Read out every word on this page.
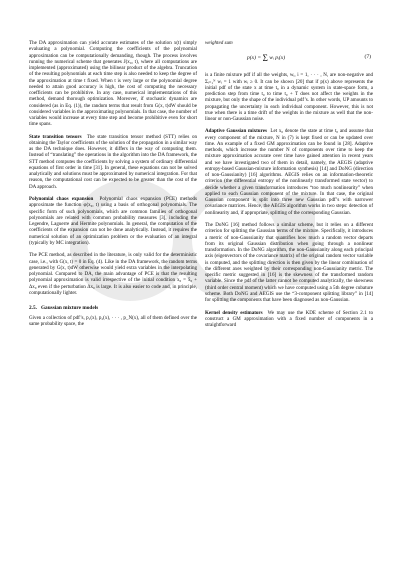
The DA approximation can yield accurate estimates of the solution x(t) simply evaluating a polynomial. Computing the coefficients of the polynomial approximation can be computationally demanding, though. The process involves running the numerical scheme that generates J(x₀, t), where all computations are implemented (approximated) using the bilinear product of the algebra. Truncation of the resulting polynomials at each time step is also needed to keep the degree of the approximation at time t fixed. When t is very large or the polynomial degree needed to attain good accuracy is high, the cost of computing the necessary coefficients can be prohibitive. In any case, numerical implementations of this method, demand thorough optimization. Moreover, if stochastic dynamics are considered (as in Eq. (1)), the random terms that result from G(x, t)dW should be considered variables in the approximating polynomials. In that case, the number of variables would increase at every time step and become prohibitive even for short time spans.

State transition tensors The state transition tensor method (STT) relies on obtaining the Taylor coefficients of the solution of the propagation in a similar way as the DA technique does. However, it differs in the way of computing them. Instead of “translating” the operations in the algorithm into the DA framework, the STT method computes the coefficients by solving a system of ordinary differential equations of first order in time [31]. In general, these equations can not be solved analytically and solutions must be approximated by numerical integration. For that reason, the computational cost can be expected to be greater than the cost of the DA approach.

Polynomial chaos expansion Polynomial chaos expansion (PCE) methods approximate the function φ(x₀, t) using a basis of orthogonal polynomials. The specific form of such polynomials, which are common families of orthogonal polynomials are related with common probability measures [3], including the Legendre, Laguerre and Hermite polynomials. In general, the computation of the coefficients of the expansion can not be done analytically. Instead, it requires the numerical solution of an optimization problem or the evaluation of an integral (typically by MC integration).

The PCE method, as described in the literature, is only valid for the deterministic case, i.e., with G(x, t) = 0 in Eq. (4). Like in the DA framework, the random terms generated by G(x, t)dW otherwise would yield extra variables in the interpolating polynomial. Compared to DA, the main advantage of PCE is that the resulting polynomial approximation is valid irrespective of the initial condition x₀ = x̂₀ + Δx₀ even if the perturbation Δx₀ is large. It is also easier to code and, in principle, computationally lighter.

2.5. Gaussian mixture models

Given a collection of pdf’s, p₁(x), p₂(x), · · · , p_N(x), all of them defined over the same probability space, the

weighted sum

p(x) = Σ wᵢ pᵢ(x)	(7)

is a finite mixture pdf if all the weights, wᵢ, i = 1, · · · , N, are non-negative and Σᵢ₌₁ᴺ wᵢ = 1 with wᵢ ≥ 0. It can be shown [20] that if p(x) above represents the initial pdf of the state x at time t₀ in a dynamic system in state-space form, a prediction step from time t₀ to time t₀ + T does not affect the weights in the mixture, but only the shape of the individual pdf’s. In other words, UP amounts to propagating the uncertainty in each individual component. However, this is not true when there is a time drift of the weights in the mixture as well that the non-linear or non-Gaussian noise.

Adaptive Gaussian mixtures Let x₀ denote the state at time t₀ and assume that every component of the mixture, N in (7) is kept fixed or can be updated over time. An example of a fixed GM approximation can be found in [28]. Adaptive methods, which increase the number N of components over time to keep the mixture approximation accurate over time have gained attention in recent years and we have investigated two of them in detail, namely, the AEGIS (adaptive entropy-based Gaussian-mixture information synthesis) [14] and DoNG (direction of non-Gaussianity) [16] algorithms. AEGIS relies on an information-theoretic criterion (the differential entropy of the nonlinearly transformed state vector) to decide whether a given transformation introduces “too much nonlinearity” when applied to each Gaussian component of the mixture. In that case, the original Gaussian component is split into three new Gaussian pdf’s with narrower covariance matrices. Hence, the AEGIS algorithm works in two steps: detection of nonlinearity and, if appropriate, splitting of the corresponding Gaussian.

The DoNG [16] method follows a similar scheme, but it relies on a different criterion for splitting the Gaussian terms of the mixture. Specifically, it introduces a metric of non-Gaussianity that quantifies how much a random vector departs from its original Gaussian distribution when going through a nonlinear transformation. In the DoNG algorithm, the non-Gaussianity along each principal axis (eigenvectors of the covariance matrix) of the original random vector variable is computed, and the splitting direction is then given by the linear combination of the different axes weighted by their corresponding non-Gaussianity metric. The specific metric suggested in [16] is the skewness of the transformed random variable. Since the pdf of the latter cannot be computed analytically, the skewness (third order central moment) which we have computed using a 5th degree cubature scheme. Both DoNG and AEGIS use the “3-component splitting library” in [14] for splitting the components that have been diagnosed as non-Gaussian.

Kernel density estimators We may use the KDE scheme of Section 2.1 to construct a GM approximation with a fixed number of components in a straightforward
